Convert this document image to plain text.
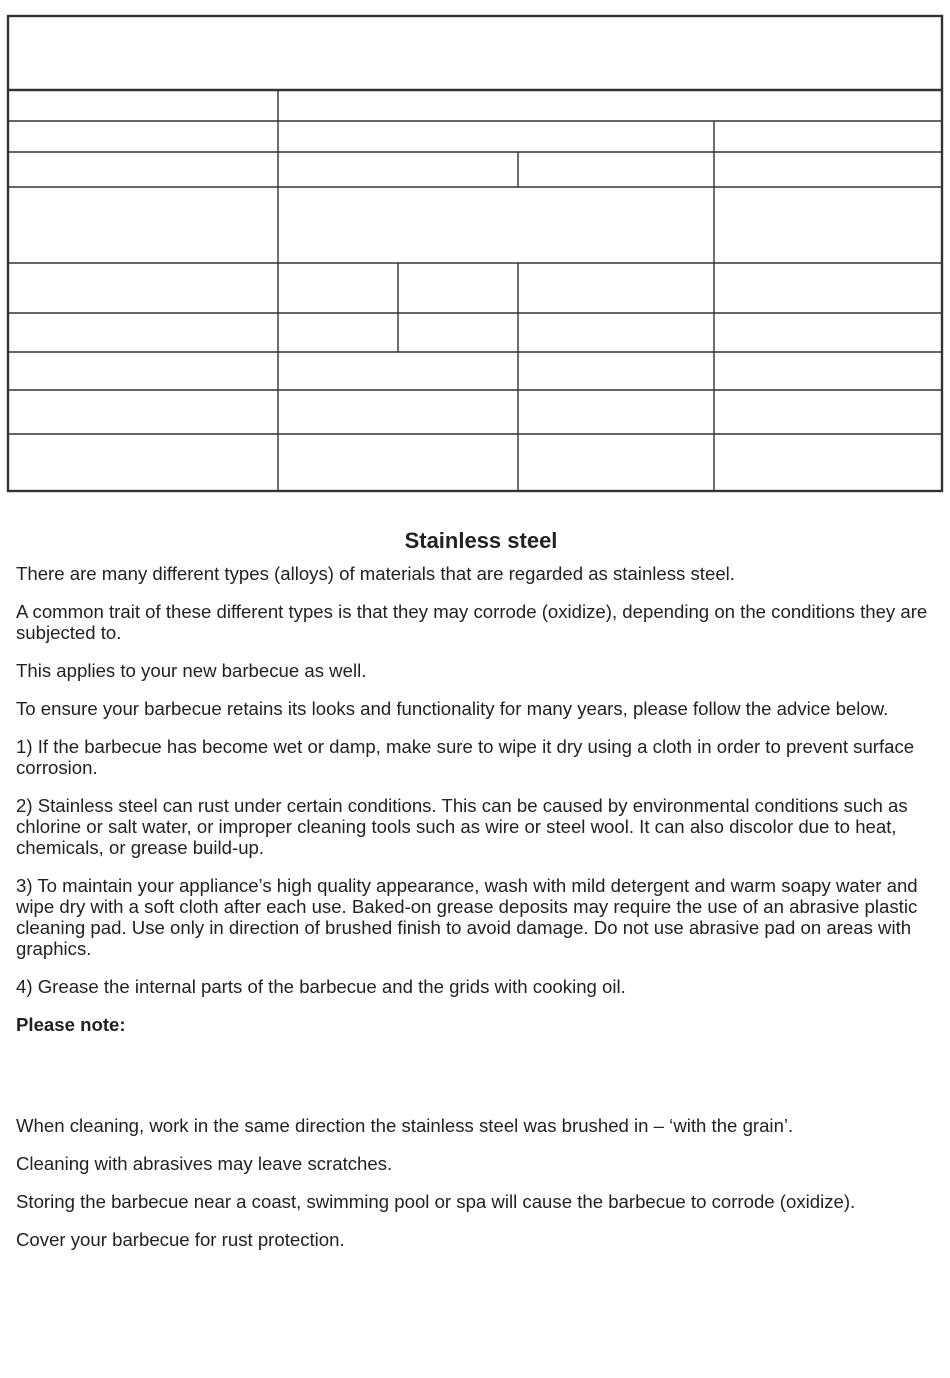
Stainless steel

There are many different types (alloys) of materials that are regarded as stainless steel.

A common trait of these different types is that they may corrode (oxidize), depending on the conditions they are subjected to.

This applies to your new barbecue as well.

To ensure your barbecue retains its looks and functionality for many years, please follow the advice below.

1) If the barbecue has become wet or damp, make sure to wipe it dry using a cloth in order to prevent surface corrosion.

2) Stainless steel can rust under certain conditions. This can be caused by environmental conditions such as chlorine or salt water, or improper cleaning tools such as wire or steel wool. It can also discolor due to heat, chemicals, or grease build-up.

3) To maintain your appliance’s high quality appearance, wash with mild detergent and warm soapy water and wipe dry with a soft cloth after each use. Baked-on grease deposits may require the use of an abrasive plastic cleaning pad. Use only in direction of brushed finish to avoid damage. Do not use abrasive pad on areas with graphics.

4) Grease the internal parts of the barbecue and the grids with cooking oil.

Please note:

When cleaning, work in the same direction the stainless steel was brushed in – ‘with the grain’.

Cleaning with abrasives may leave scratches.

Storing the barbecue near a coast, swimming pool or spa will cause the barbecue to corrode (oxidize).

Cover your barbecue for rust protection.
